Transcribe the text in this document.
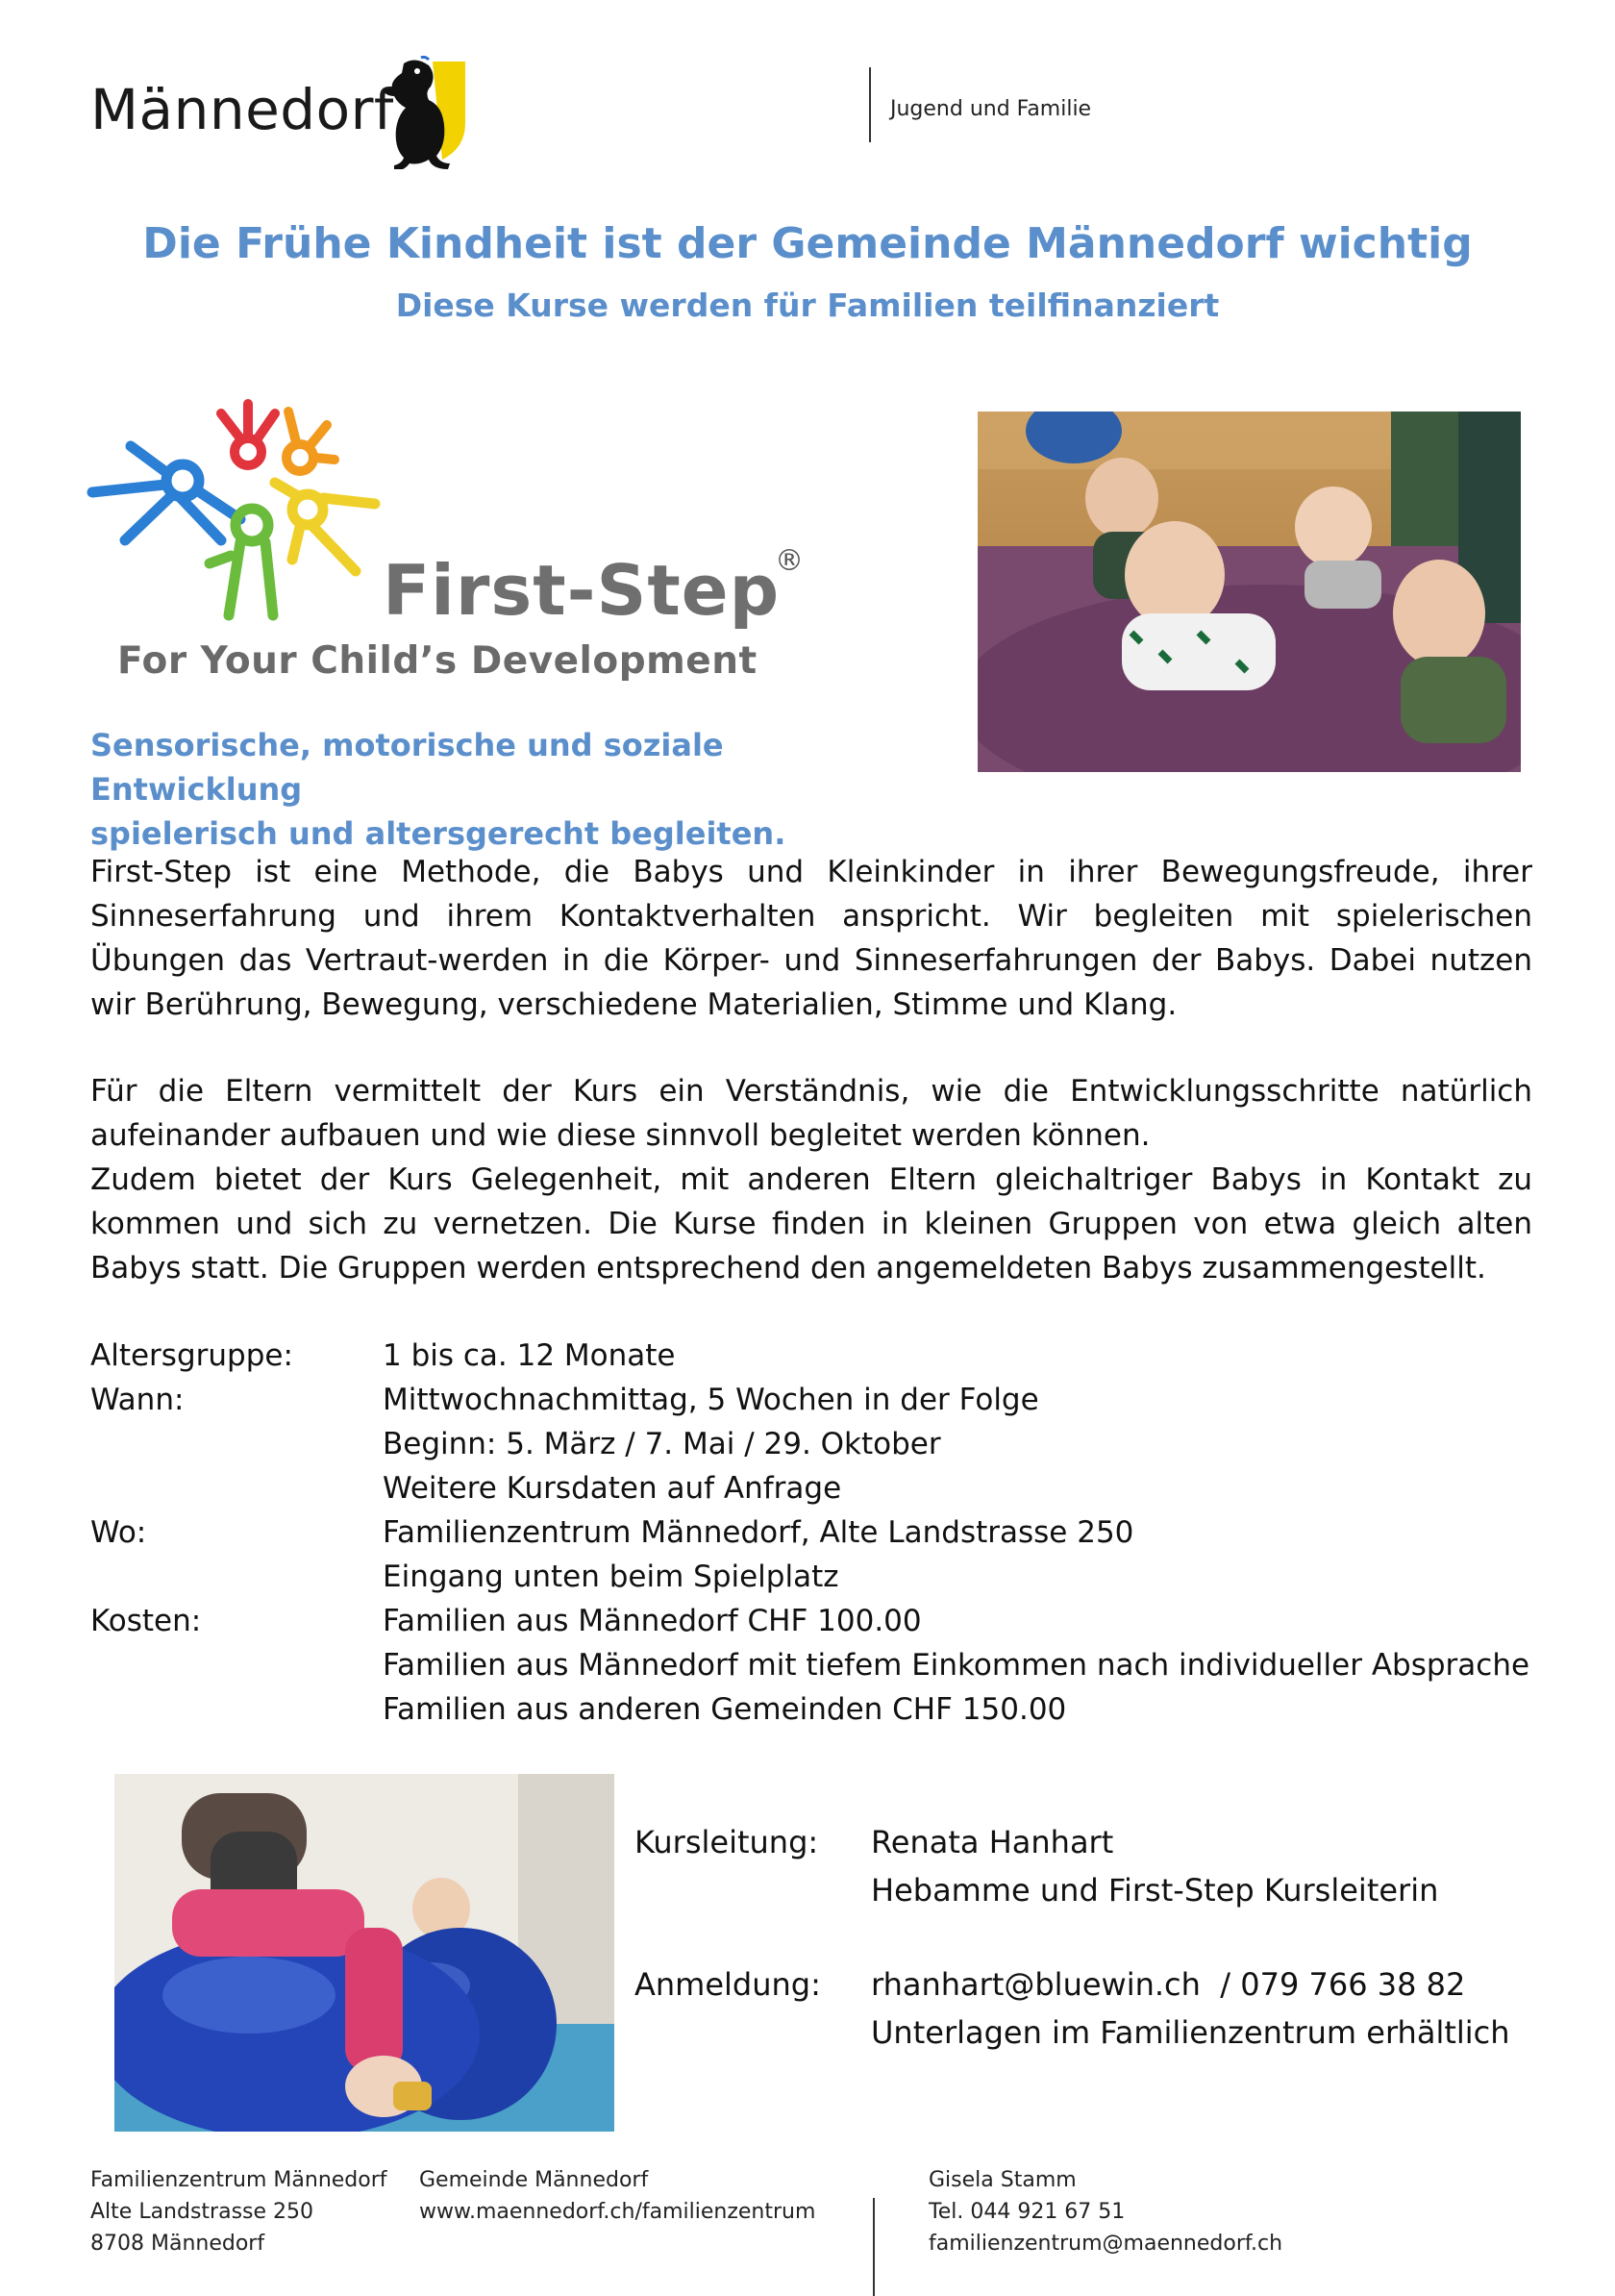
Männedorf	Jugend und Familie
Die Frühe Kindheit ist der Gemeinde Männedorf wichtig
Diese Kurse werden für Familien teilfinanziert
First-Step
®
For Your Child’s Development
Sensorische, motorische und soziale Entwicklung
spielerisch und altersgerecht begleiten.
First-Step ist eine Methode, die Babys und Kleinkinder in ihrer Bewegungsfreude, ihrer Sinneserfahrung und ihrem Kontaktverhalten anspricht. Wir begleiten mit spielerischen Übungen das Vertraut-werden in die Körper- und Sinneserfahrungen der Babys. Dabei nutzen wir Berührung, Bewegung, verschiedene Materialien, Stimme und Klang.
Für die Eltern vermittelt der Kurs ein Verständnis, wie die Entwicklungsschritte natürlich aufeinander aufbauen und wie diese sinnvoll begleitet werden können.
Zudem bietet der Kurs Gelegenheit, mit anderen Eltern gleichaltriger Babys in Kontakt zu kommen und sich zu vernetzen. Die Kurse finden in kleinen Gruppen von etwa gleich alten Babys statt. Die Gruppen werden entsprechend den angemeldeten Babys zusammengestellt.
Altersgruppe:	1 bis ca. 12 Monate
Wann:	Mittwochnachmittag, 5 Wochen in der Folge
Beginn: 5. März / 7. Mai / 29. Oktober
Weitere Kursdaten auf Anfrage
Wo:	Familienzentrum Männedorf, Alte Landstrasse 250
Eingang unten beim Spielplatz
Kosten:	Familien aus Männedorf CHF 100.00
Familien aus Männedorf mit tiefem Einkommen nach individueller Absprache
Familien aus anderen Gemeinden CHF 150.00
Kursleitung:	Renata Hanhart
Hebamme und First-Step Kursleiterin
Anmeldung:	rhanhart@bluewin.ch  / 079 766 38 82
Unterlagen im Familienzentrum erhältlich
Familienzentrum Männedorf
Alte Landstrasse 250
8708 Männedorf
Gemeinde Männedorf
www.maennedorf.ch/familienzentrum
Gisela Stamm
Tel. 044 921 67 51
familienzentrum@maennedorf.ch
